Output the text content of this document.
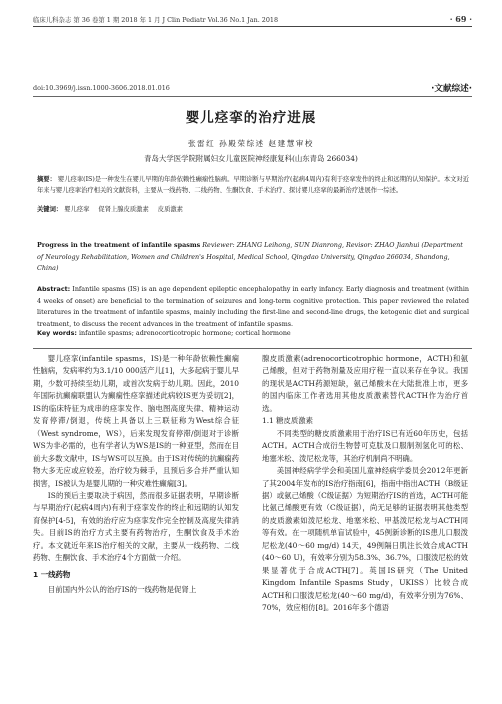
临床儿科杂志 第 36 卷第 1 期 2018 年 1 月 J Clin Pediatr Vol.36 No.1 Jan. 2018	· 69 ·
doi:10.3969/j.issn.1000-3606.2018.01.016	·文献综述·
婴儿痉挛的治疗进展
张雷红 孙殿荣综述 赵建慧审校
青岛大学医学院附属妇女儿童医院神经康复科(山东青岛 266034)
摘要： 婴儿痉挛(IS)是一种发生在婴儿早期的年龄依赖性癫痫性脑病。早期诊断与早期治疗(起病4周内)有利于痉挛发作的终止和远期的认知保护。本文对近年来与婴儿痉挛治疗相关的文献资料，主要从一线药物、二线药物、生酮饮食、手术治疗、探讨婴儿痉挛的最新治疗进展作一综述。
关键词： 婴儿痉挛 促肾上腺皮质激素 皮质激素
Progress in the treatment of infantile spasms Reviewer: ZHANG Leihong, SUN Dianrong, Revisor: ZHAO Jianhui (Department of Neurology Rehabilitation, Women and Children's Hospital, Medical School, Qingdao University, Qingdao 266034, Shandong, China)
Abstract: Infantile spasms (IS) is an age dependent epileptic encephalopathy in early infancy. Early diagnosis and treatment (within 4 weeks of onset) are beneficial to the termination of seizures and long-term cognitive protection. This paper reviewed the related literatures in the treatment of infantile spasms, mainly including the first-line and second-line drugs, the ketogenic diet and surgical treatment, to discuss the recent advances in the treatment of infantile spasms.
Key words: infantile spasms; adrenocorticotropic hormone; cortical hormone

婴儿痉挛(infantile spasms，IS)是一种年龄依赖性癫痫性脑病，发病率约为3.1/10 000活产儿[1]，大多起病于婴儿早期，少数可持续至幼儿期，或首次发病于幼儿期。因此，2010年国际抗癫痫联盟认为癫痫性痉挛描述此病较IS更为妥切[2]，IS的临床特征为成串的痉挛发作、脑电图高度失律、精神运动发育停滞/倒退，传统上具备以上三联征称为West综合征（West syndrome，WS），后来发现发育停滞/倒退对于诊断WS为非必需的，也有学者认为WS是IS的一种亚型，然而在目前大多数文献中，IS与WS可以互换。由于IS对传统的抗癫痫药物大多无应或应较差，治疗较为棘手，且预后多合并严重认知损害，IS被认为是婴儿期的一种灾难性癫痫[3]。

IS的预后主要取决于病因，然而很多证据表明，早期诊断与早期治疗(起病4周内)有利于痉挛发作的终止和远期的认知发育保护[4-5]，有效的治疗应为痉挛发作完全控制及高度失律消失。目前IS的治疗方式主要有药物治疗，生酮饮食及手术治疗。本文就近年来IS治疗相关的文献，主要从一线药物、二线药物、生酮饮食、手术治疗4个方面做一介绍。

1 一线药物

目前国内外公认的治疗IS的一线药物是促肾上

腺皮质激素(adrenocorticotrophic hormone，ACTH)和氨己烯酸，但对于药物剂量及应用疗程一直以来存在争议。我国的现状是ACTH药源短缺，氨己烯酸未在大陆批准上市，更多的国内临床工作者选用其他皮质激素替代ACTH作为治疗首选。

1.1 糖皮质激素

不同类型的糖皮质激素用于治疗IS已有近60年历史，包括ACTH。ACTH合成衍生物替可克肽及口服制剂氢化可的松、地塞米松、泼尼松龙等，其治疗机制尚不明确。

美国神经病学学会和美国儿童神经病学委员会2012年更新了其2004年发布的IS治疗指南[6]，指南中指出ACTH（B级证据）或氨己烯酸（C级证据）为短期治疗IS的首选，ACTH可能比氨己烯酸更有效（C级证据），尚无足够的证据表明其他类型的皮质激素如泼尼松龙、地塞米松、甲基泼尼松龙与ACTH同等有效。在一项随机单盲试验中，45例新诊断的IS患儿口服泼尼松龙(40～60 mg/d) 14天，49例隔日肌注长效合成ACTH (40～60 U)，有效率分别为58.3%、36.7%，口服泼尼松的效果显著优于合成ACTH[7]。英国IS研究（The United Kingdom Infantile Spasms Study，UKISS）比较合成ACTH和口服泼尼松龙(40～60 mg/d)，有效率分别为76%、70%，效应相仿[8]。2016年多个德语
